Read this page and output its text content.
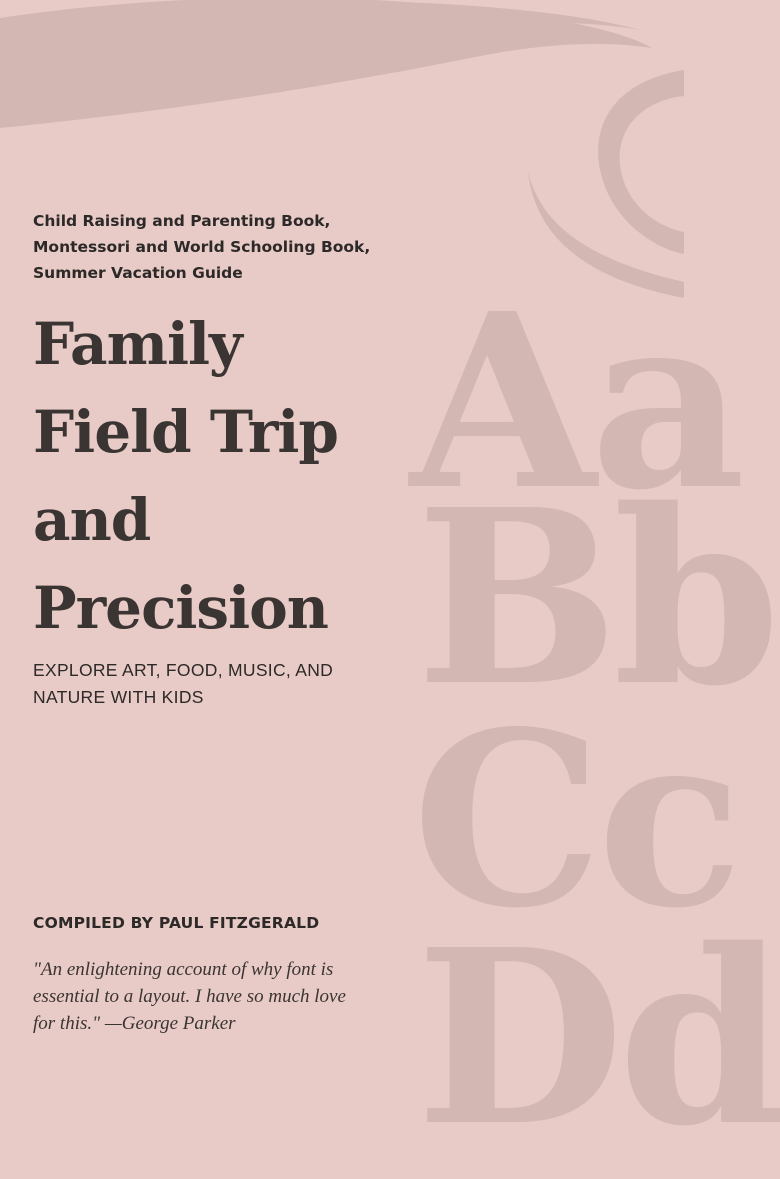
Aa
Bb
Cc
Dd

Child Raising and Parenting Book,
Montessori and World Schooling Book,
Summer Vacation Guide

Family
Field Trip
and
Precision

EXPLORE ART, FOOD, MUSIC, AND
NATURE WITH KIDS

COMPILED BY PAUL FITZGERALD

"An enlightening account of why font is
essential to a layout. I have so much love
for this." —George Parker
